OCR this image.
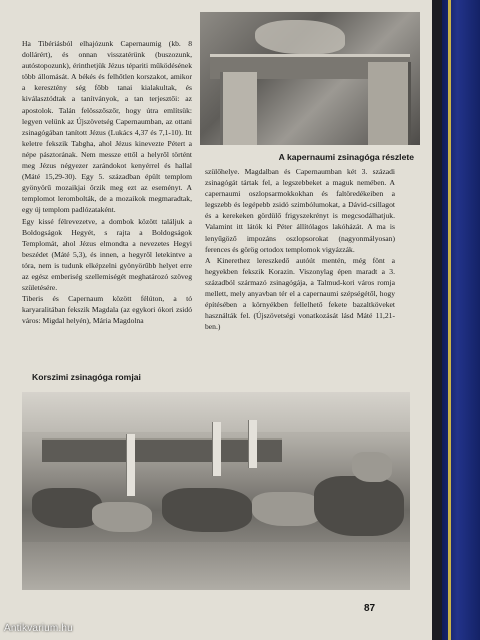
Ha Tibériásból elhajózunk Capernaumig (kb. 8 dollárért), és onnan visszatérünk (buszozunk, autóstopozunk), érinthetjük Jézus tépariti működésének több állomását. A békés és felhőtlen korszakot, amikor a keresztény ség főbb tanai kialakultak, és kiválasztódtak a tanítványok, a tan terjesztői: az apostolok. Talán felösszőszőr, hogy útra említsük: legyen velünk az Újszövetség Capernaumban, az ottani zsinagógában tanított Jézus (Lukács 4,37 és 7,1-10). Itt keletre fekszik Tabgha, ahol Jézus kinevezte Pétert a népe pásztorának. Nem messze ettől a helyről történt meg Jézus négyezer zarándokot kenyérrel és hallal (Máté 15,29-30). Egy 5. században épült templom gyönyörű mozaikjai őrzik meg ezt az eseményt. A templomot lerombolták, de a mozaikok megmaradtak, egy új templom padlózataként.

Egy kissé félrevezetve, a dombok között találjuk a Boldogságok Hegyét, s rajta a Boldogságok Templomát, ahol Jézus elmondta a nevezetes Hegyi beszédet (Máté 5,3), és innen, a hegyről letekintve a tóra, nem is tudunk elképzelni gyönyörűbb helyet erre az egész emberiség szellemiségét meghatározó szöveg születésére.

Tiberis és Capernaum között félúton, a tó karyaralitában fekszik Magdala (az egykori ókori zsidó város: Migdal helyén), Mária Magdolna

A kapernaumi zsinagóga részlete

szülőhelye. Magdalban és Capernaumban két 3. századi zsinagógát tártak fel, a legszebbeket a maguk nemében. A capernaumi oszlopsarmokkokhan és faltöredékeiben a legszebb és legépebb zsidó szimbólumokat, a Dávid-csillagot és a kerekeken gördülő frigyszekrényt is megcsodálhatjuk. Valamint itt látók ki Péter állítólagos lakóházát. A ma is lenyűgöző impozáns oszlopsorokat (nagyonmályosan) ferences és görög ortodox templomok vigyázzák.

A Kinerethez lereszkedő autóút mentén, még fönt a hegyekben fekszik Korazin. Viszonylag épen maradt a 3. századból származó zsinagógája, a Talmud-kori város romja mellett, mely anyavban tér el a capernaumi szépségétől, hogy építésében a környékben fellelhető fekete bazaltköveket használták fel. (Újszövetségi vonatkozását lásd Máté 11,21-ben.)

Korszimi zsinagóga romjai
87
Antikvarium.hu
